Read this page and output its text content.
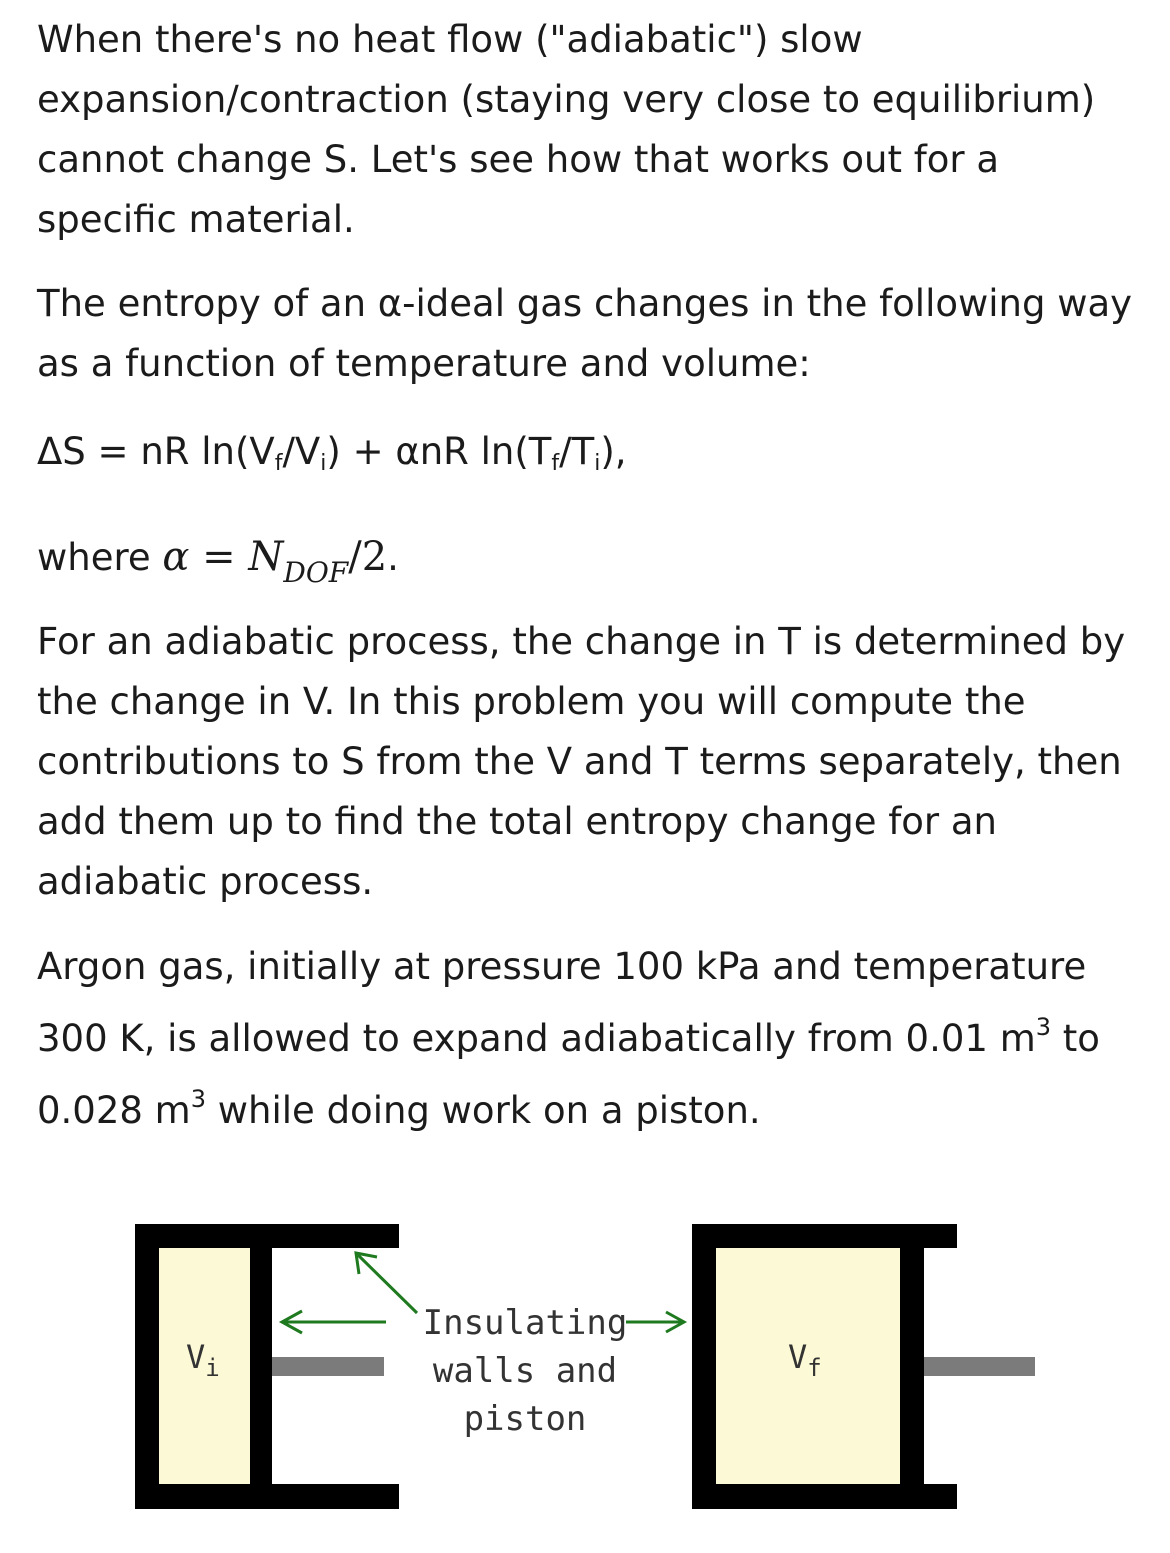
When there's no heat flow ("adiabatic") slow expansion/contraction (staying very close to equilibrium) cannot change S. Let's see how that works out for a specific material.
The entropy of an α-ideal gas changes in the following way as a function of temperature and volume:
ΔS = nR ln(Vf/Vi) + αnR ln(Tf/Ti),
where $\alpha = N_{DOF}/2$.
For an adiabatic process, the change in T is determined by the change in V. In this problem you will compute the contributions to S from the V and T terms separately, then add them up to find the total entropy change for an adiabatic process.
Argon gas, initially at pressure 100 kPa and temperature 300 K, is allowed to expand adiabatically from 0.01 $m^3$ to 0.028 $m^3$ while doing work on a piston.
$V_i$
Insulating
walls and
piston
$V_f$
